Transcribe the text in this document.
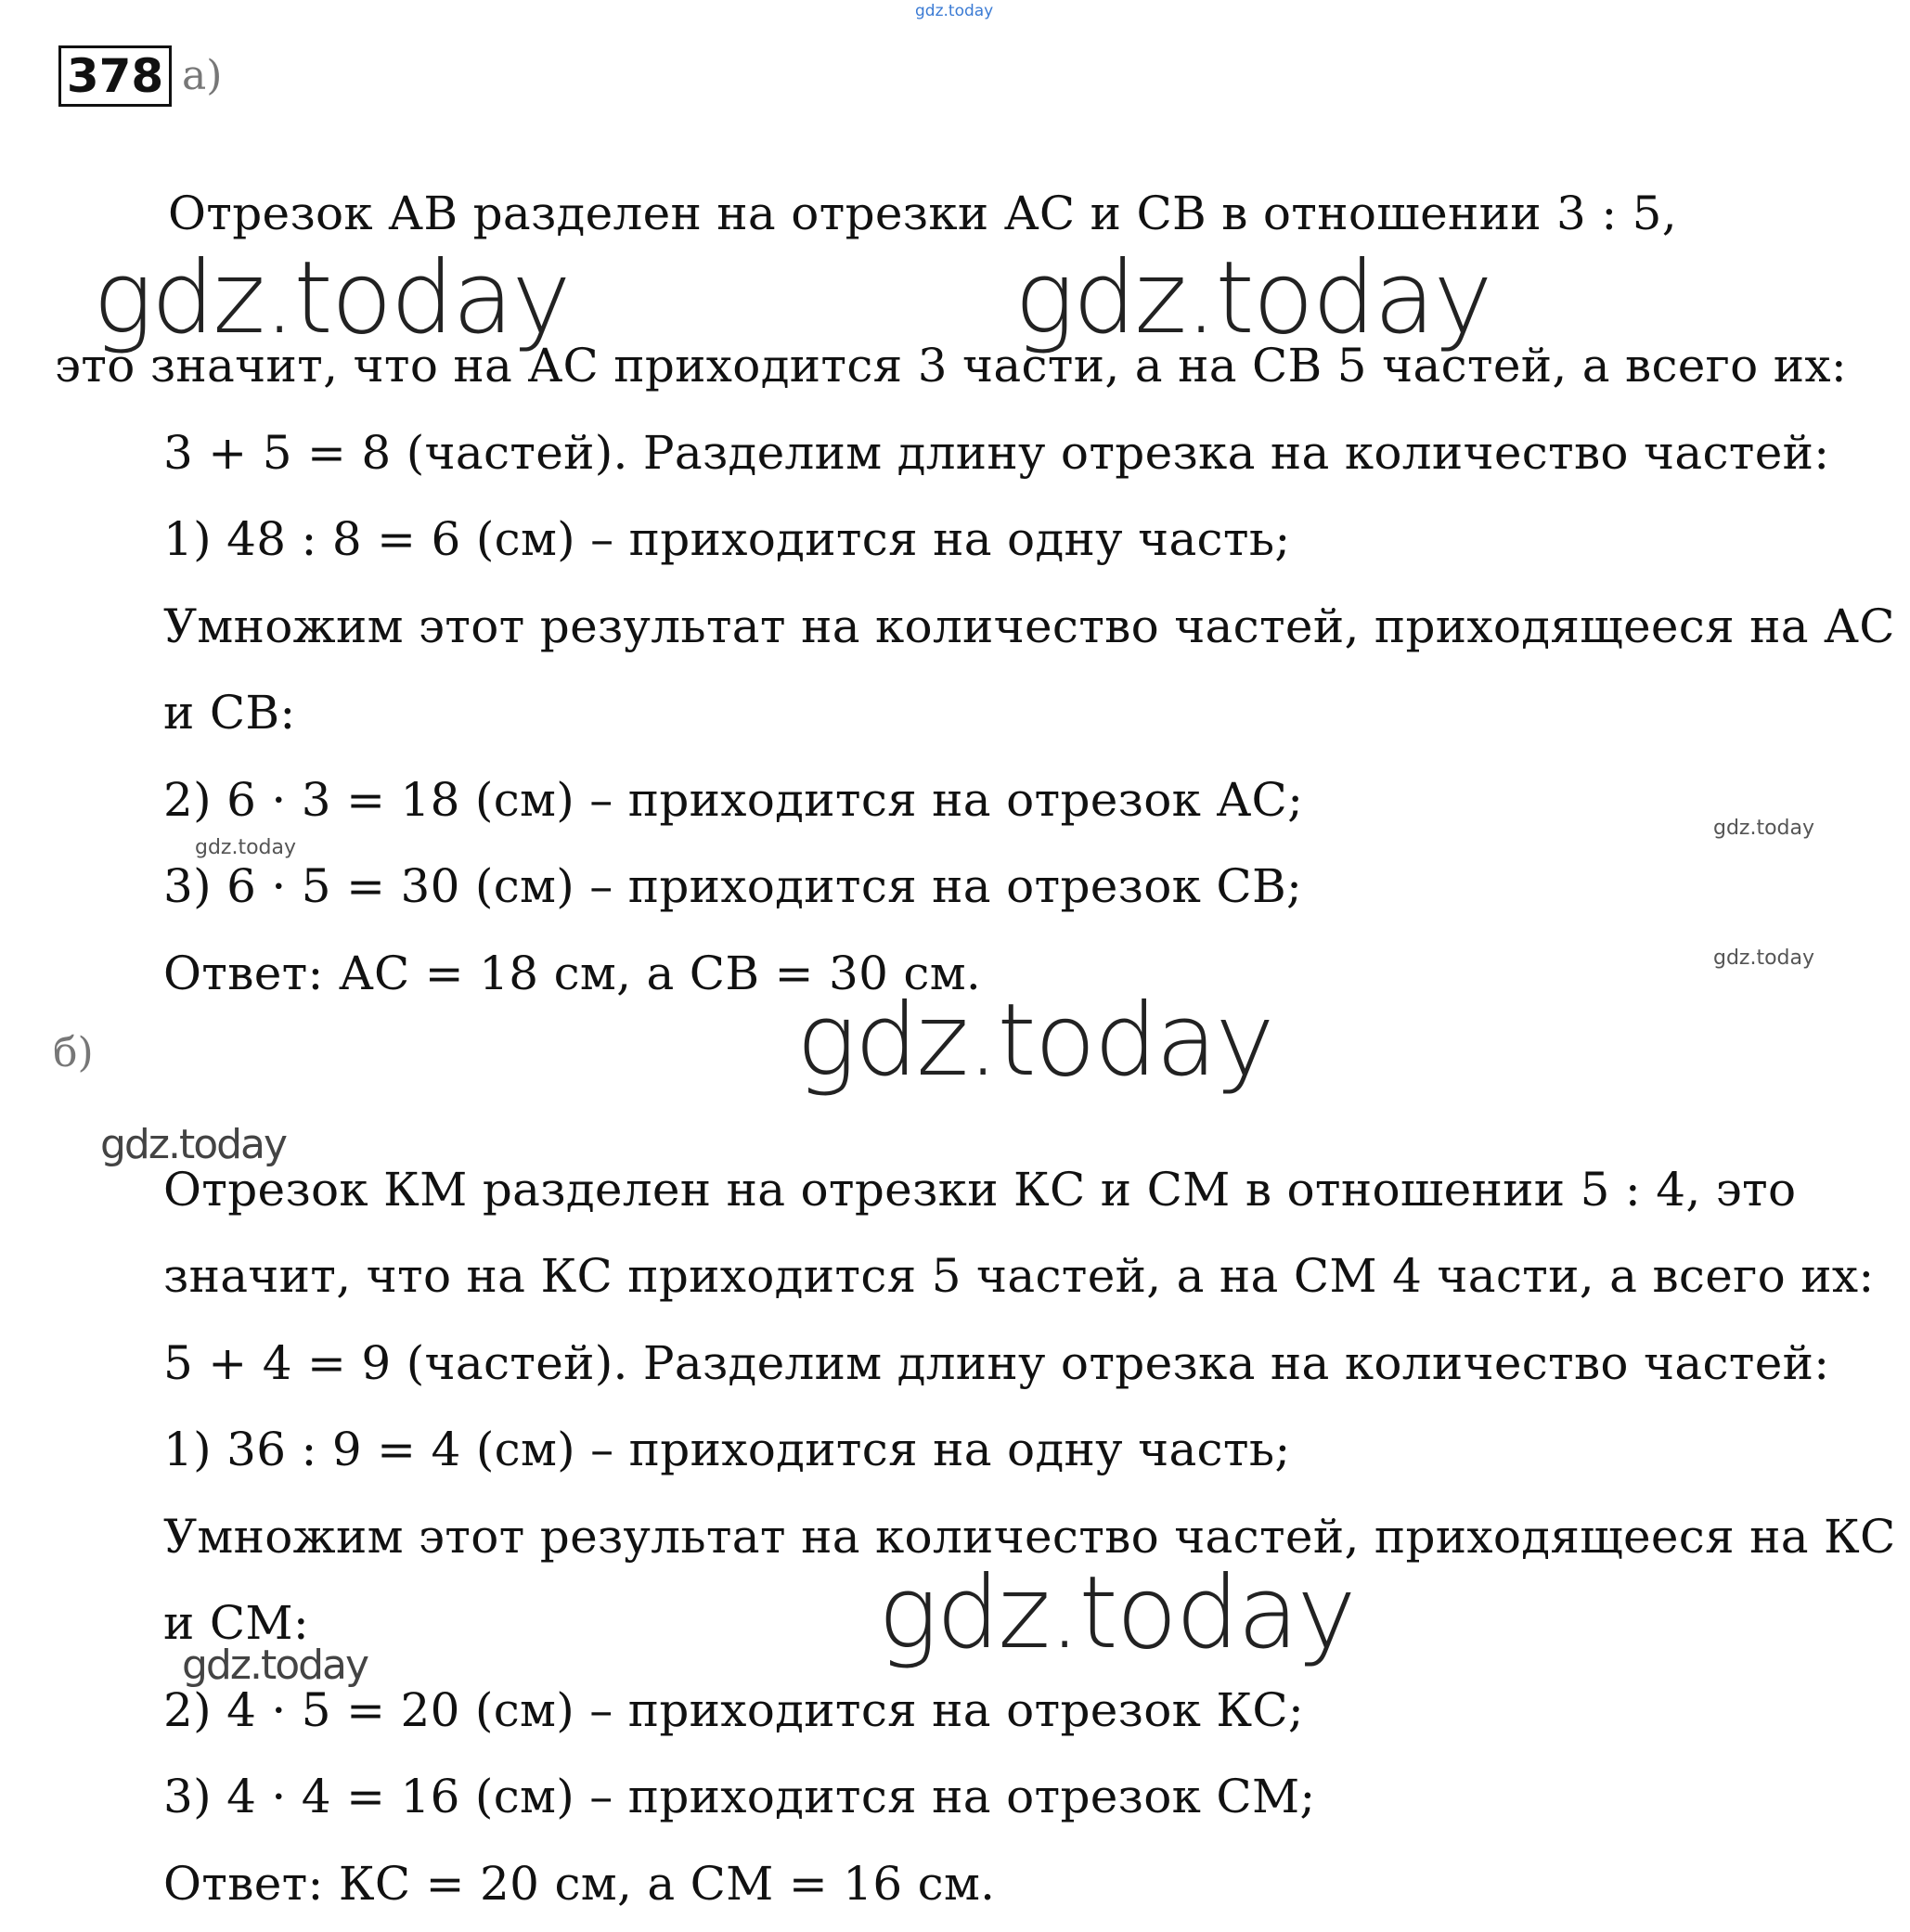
378 а)
Отрезок АВ разделен на отрезки АС и СВ в отношении 3 : 5,
это значит, что на АС приходится 3 части, а на СВ 5 частей, а всего их:
3 + 5 = 8 (частей). Разделим длину отрезка на количество частей:
1) 48 : 8 = 6 (см) – приходится на одну часть;
Умножим этот результат на количество частей, приходящееся на АС
и СВ:
2) 6 · 3 = 18 (см) – приходится на отрезок АС;
3) 6 · 5 = 30 (см) – приходится на отрезок СВ;
Ответ: АС = 18 см, а СВ = 30 см.
б)
Отрезок КМ разделен на отрезки КС и СМ в отношении 5 : 4, это
значит, что на КС приходится 5 частей, а на СМ 4 части, а всего их:
5 + 4 = 9 (частей). Разделим длину отрезка на количество частей:
1) 36 : 9 = 4 (см) – приходится на одну часть;
Умножим этот результат на количество частей, приходящееся на КС
и СМ:
2) 4 · 5 = 20 (см) – приходится на отрезок КС;
3) 4 · 4 = 16 (см) – приходится на отрезок СМ;
Ответ: КС = 20 см, а СМ = 16 см.
gdz.today
gdz.today	gdz.today
gdz.today
gdz.today
gdz.today
gdz.today
gdz.today
gdz.today
gdz.today
